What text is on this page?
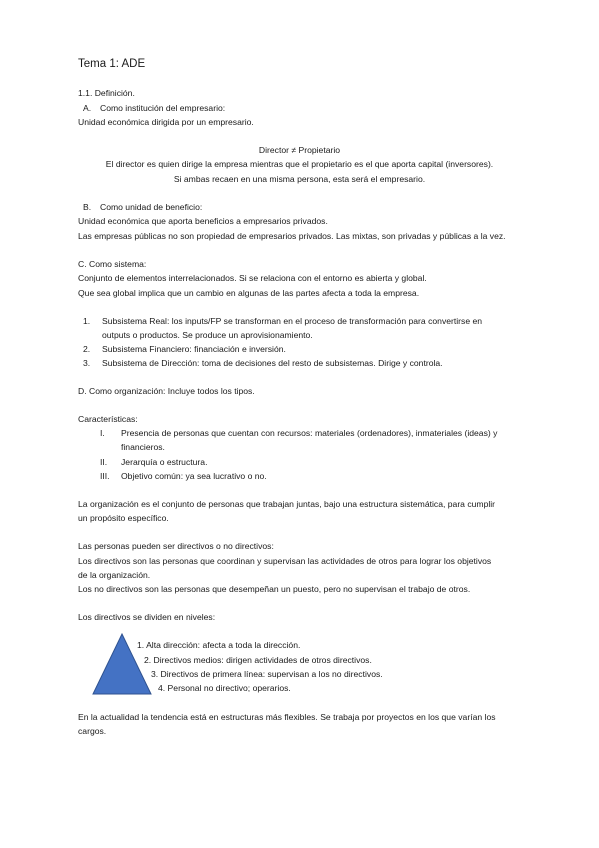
Tema 1: ADE
1.1. Definición.
A. Como institución del empresario:
Unidad económica dirigida por un empresario.
Director ≠ Propietario
El director es quien dirige la empresa mientras que el propietario es el que aporta capital (inversores).
Si ambas recaen en una misma persona, esta será el empresario.
B. Como unidad de beneficio:
Unidad económica que aporta beneficios a empresarios privados.
Las empresas públicas no son propiedad de empresarios privados. Las mixtas, son privadas y públicas a la vez.
C. Como sistema:
Conjunto de elementos interrelacionados. Si se relaciona con el entorno es abierta y global.
Que sea global implica que un cambio en algunas de las partes afecta a toda la empresa.
1. Subsistema Real: los inputs/FP se transforman en el proceso de transformación para convertirse en
outputs o productos. Se produce un aprovisionamiento.
2. Subsistema Financiero: financiación e inversión.
3. Subsistema de Dirección: toma de decisiones del resto de subsistemas. Dirige y controla.
D. Como organización: Incluye todos los tipos.
Características:
I. Presencia de personas que cuentan con recursos: materiales (ordenadores), inmateriales (ideas) y
financieros.
II. Jerarquía o estructura.
III. Objetivo común: ya sea lucrativo o no.
La organización es el conjunto de personas que trabajan juntas, bajo una estructura sistemática, para cumplir
un propósito específico.
Las personas pueden ser directivos o no directivos:
Los directivos son las personas que coordinan y supervisan las actividades de otros para lograr los objetivos
de la organización.
Los no directivos son las personas que desempeñan un puesto, pero no supervisan el trabajo de otros.
Los directivos se dividen en niveles:
1. Alta dirección: afecta a toda la dirección.
2. Directivos medios: dirigen actividades de otros directivos.
3. Directivos de primera línea: supervisan a los no directivos.
4. Personal no directivo; operarios.
En la actualidad la tendencia está en estructuras más flexibles. Se trabaja por proyectos en los que varían los
cargos.
